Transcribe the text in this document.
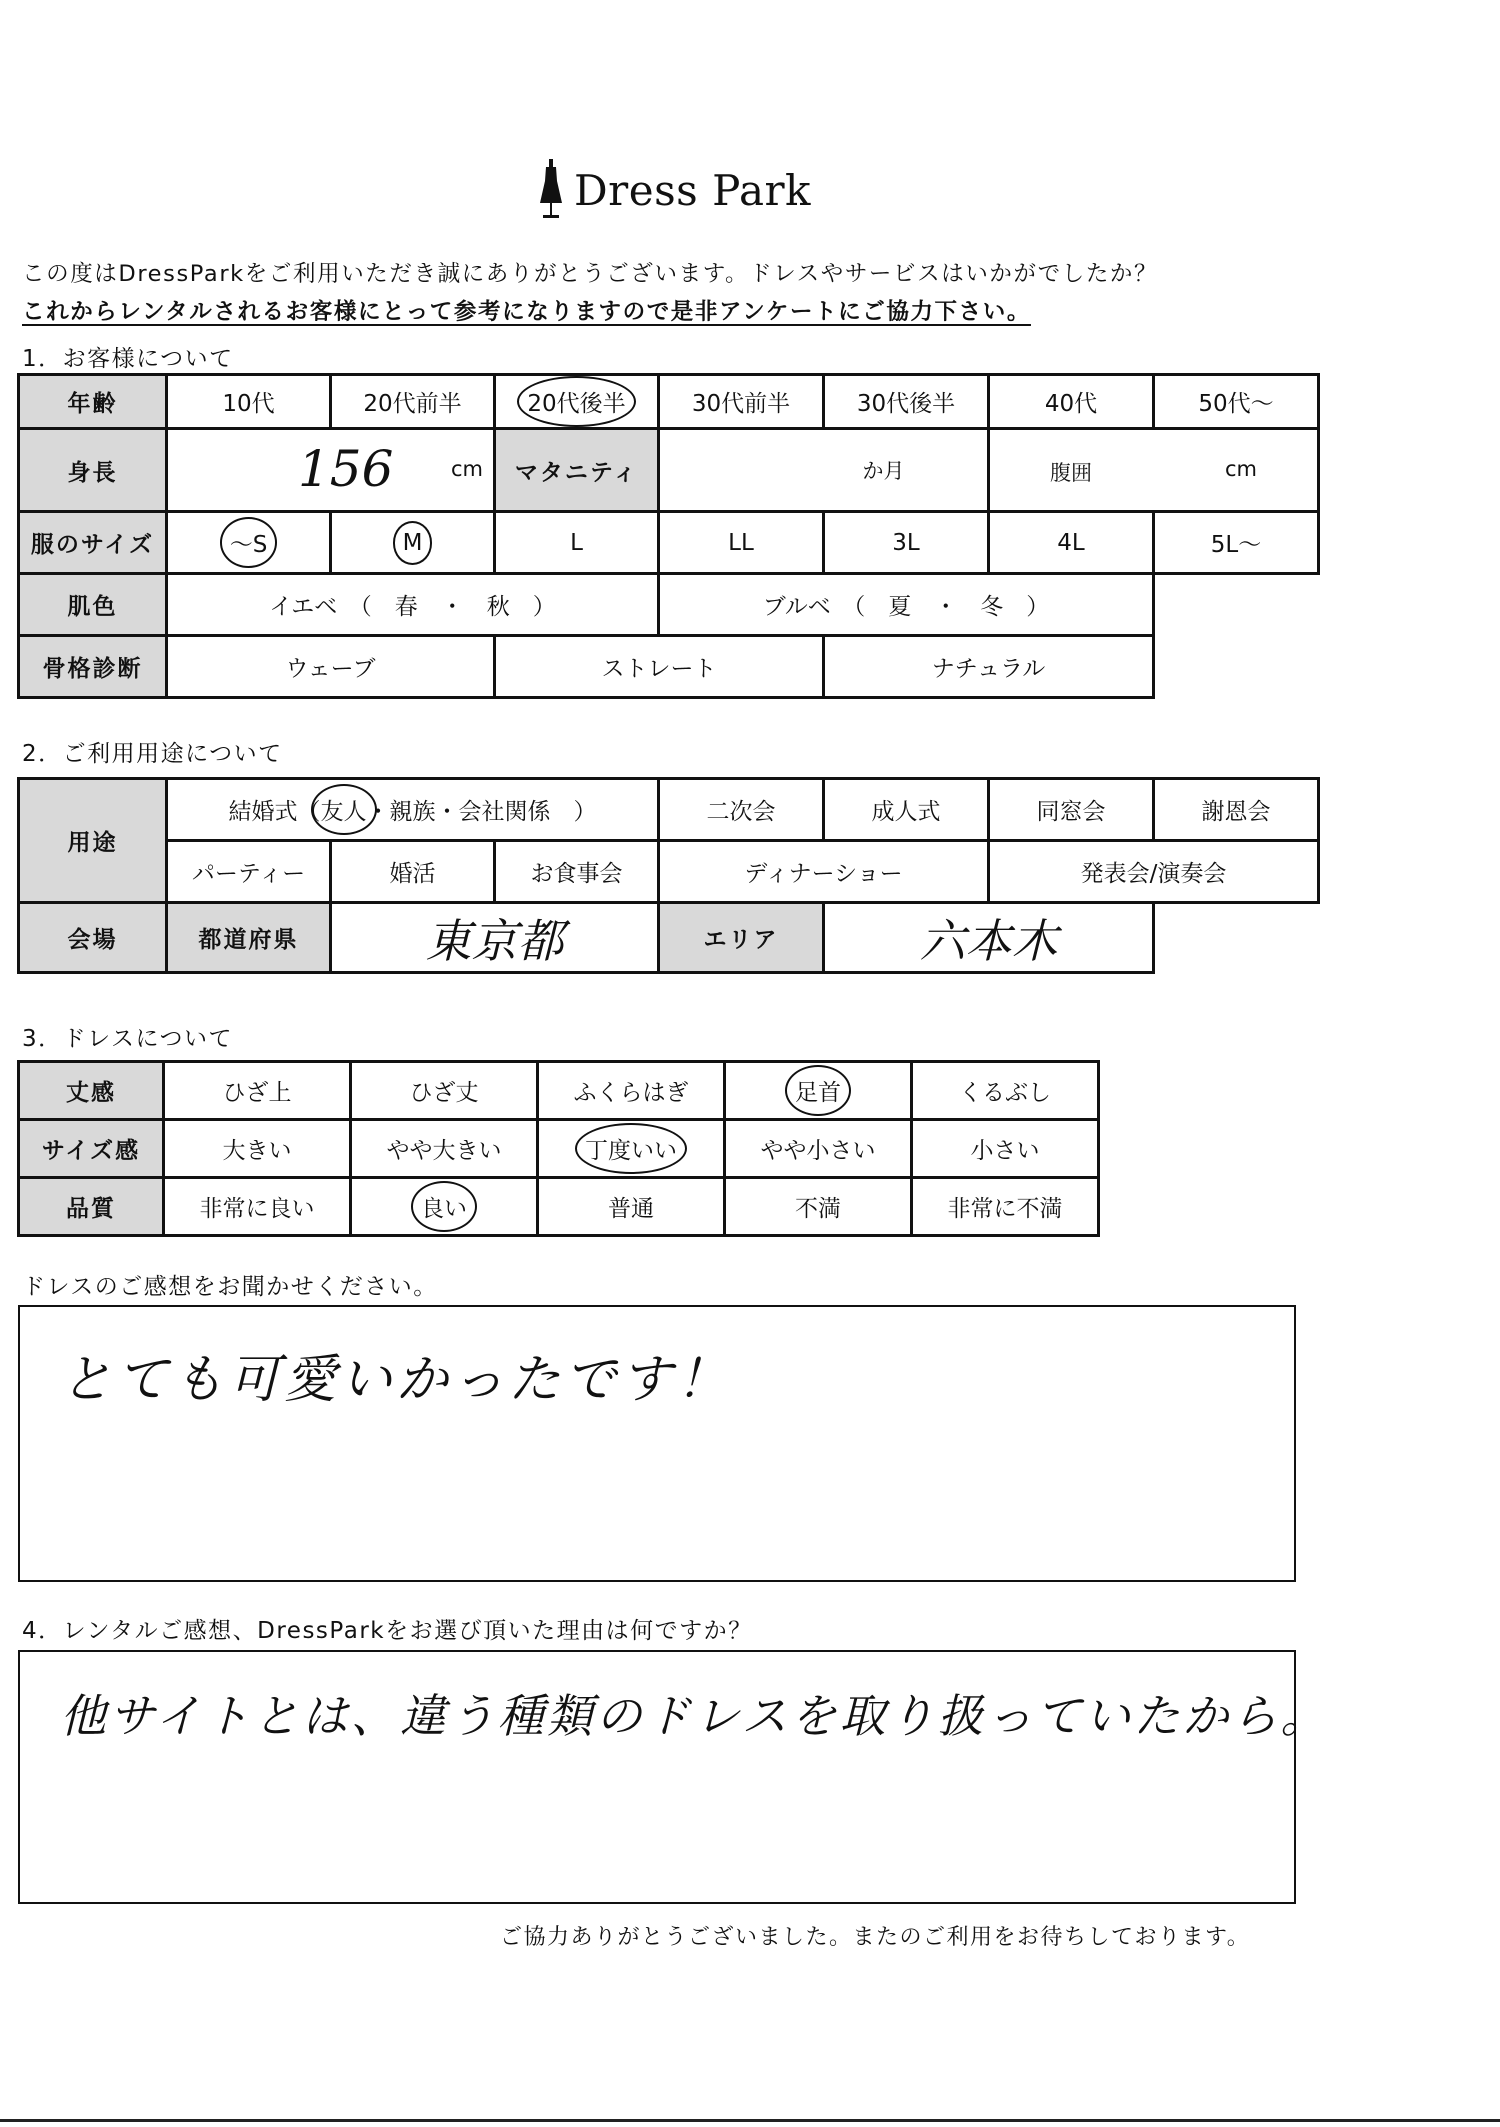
Dress Park
この度はDressParkをご利用いただき誠にありがとうございます。ドレスやサービスはいかがでしたか？
これからレンタルされるお客様にとって参考になりますので是非アンケートにご協力下さい。
1．お客様について
年齢	10代	20代前半	20代後半	30代前半	30代後半	40代	50代～
身長	156 cm		マタニティ	か月		腹囲 cm	

服のサイズ	～S	M	L	LL	3L	4L	5L～
肌色	イエベ　（　春　・　秋　）			ブルベ　（　夏　・　冬　）			
骨格診断	ウェーブ		ストレート		ナチュラル		
2．ご利用用途について
用途	結婚式（友人・親族・会社関係　）			二次会	成人式	同窓会	謝恩会
	パーティー	婚活	お食事会	ディナーショー		発表会/演奏会	
会場	都道府県	東京都		エリア	六本木		
3．ドレスについて
丈感	ひざ上	ひざ丈	ふくらはぎ	足首	くるぶし
サイズ感	大きい	やや大きい	丁度いい	やや小さい	小さい
品質	非常に良い	良い	普通	不満	非常に不満
ドレスのご感想をお聞かせください。
とても可愛いかったです！
4．レンタルご感想、DressParkをお選び頂いた理由は何ですか？
他サイトとは、違う種類のドレスを取り扱っていたから。
ご協力ありがとうございました。またのご利用をお待ちしております。
